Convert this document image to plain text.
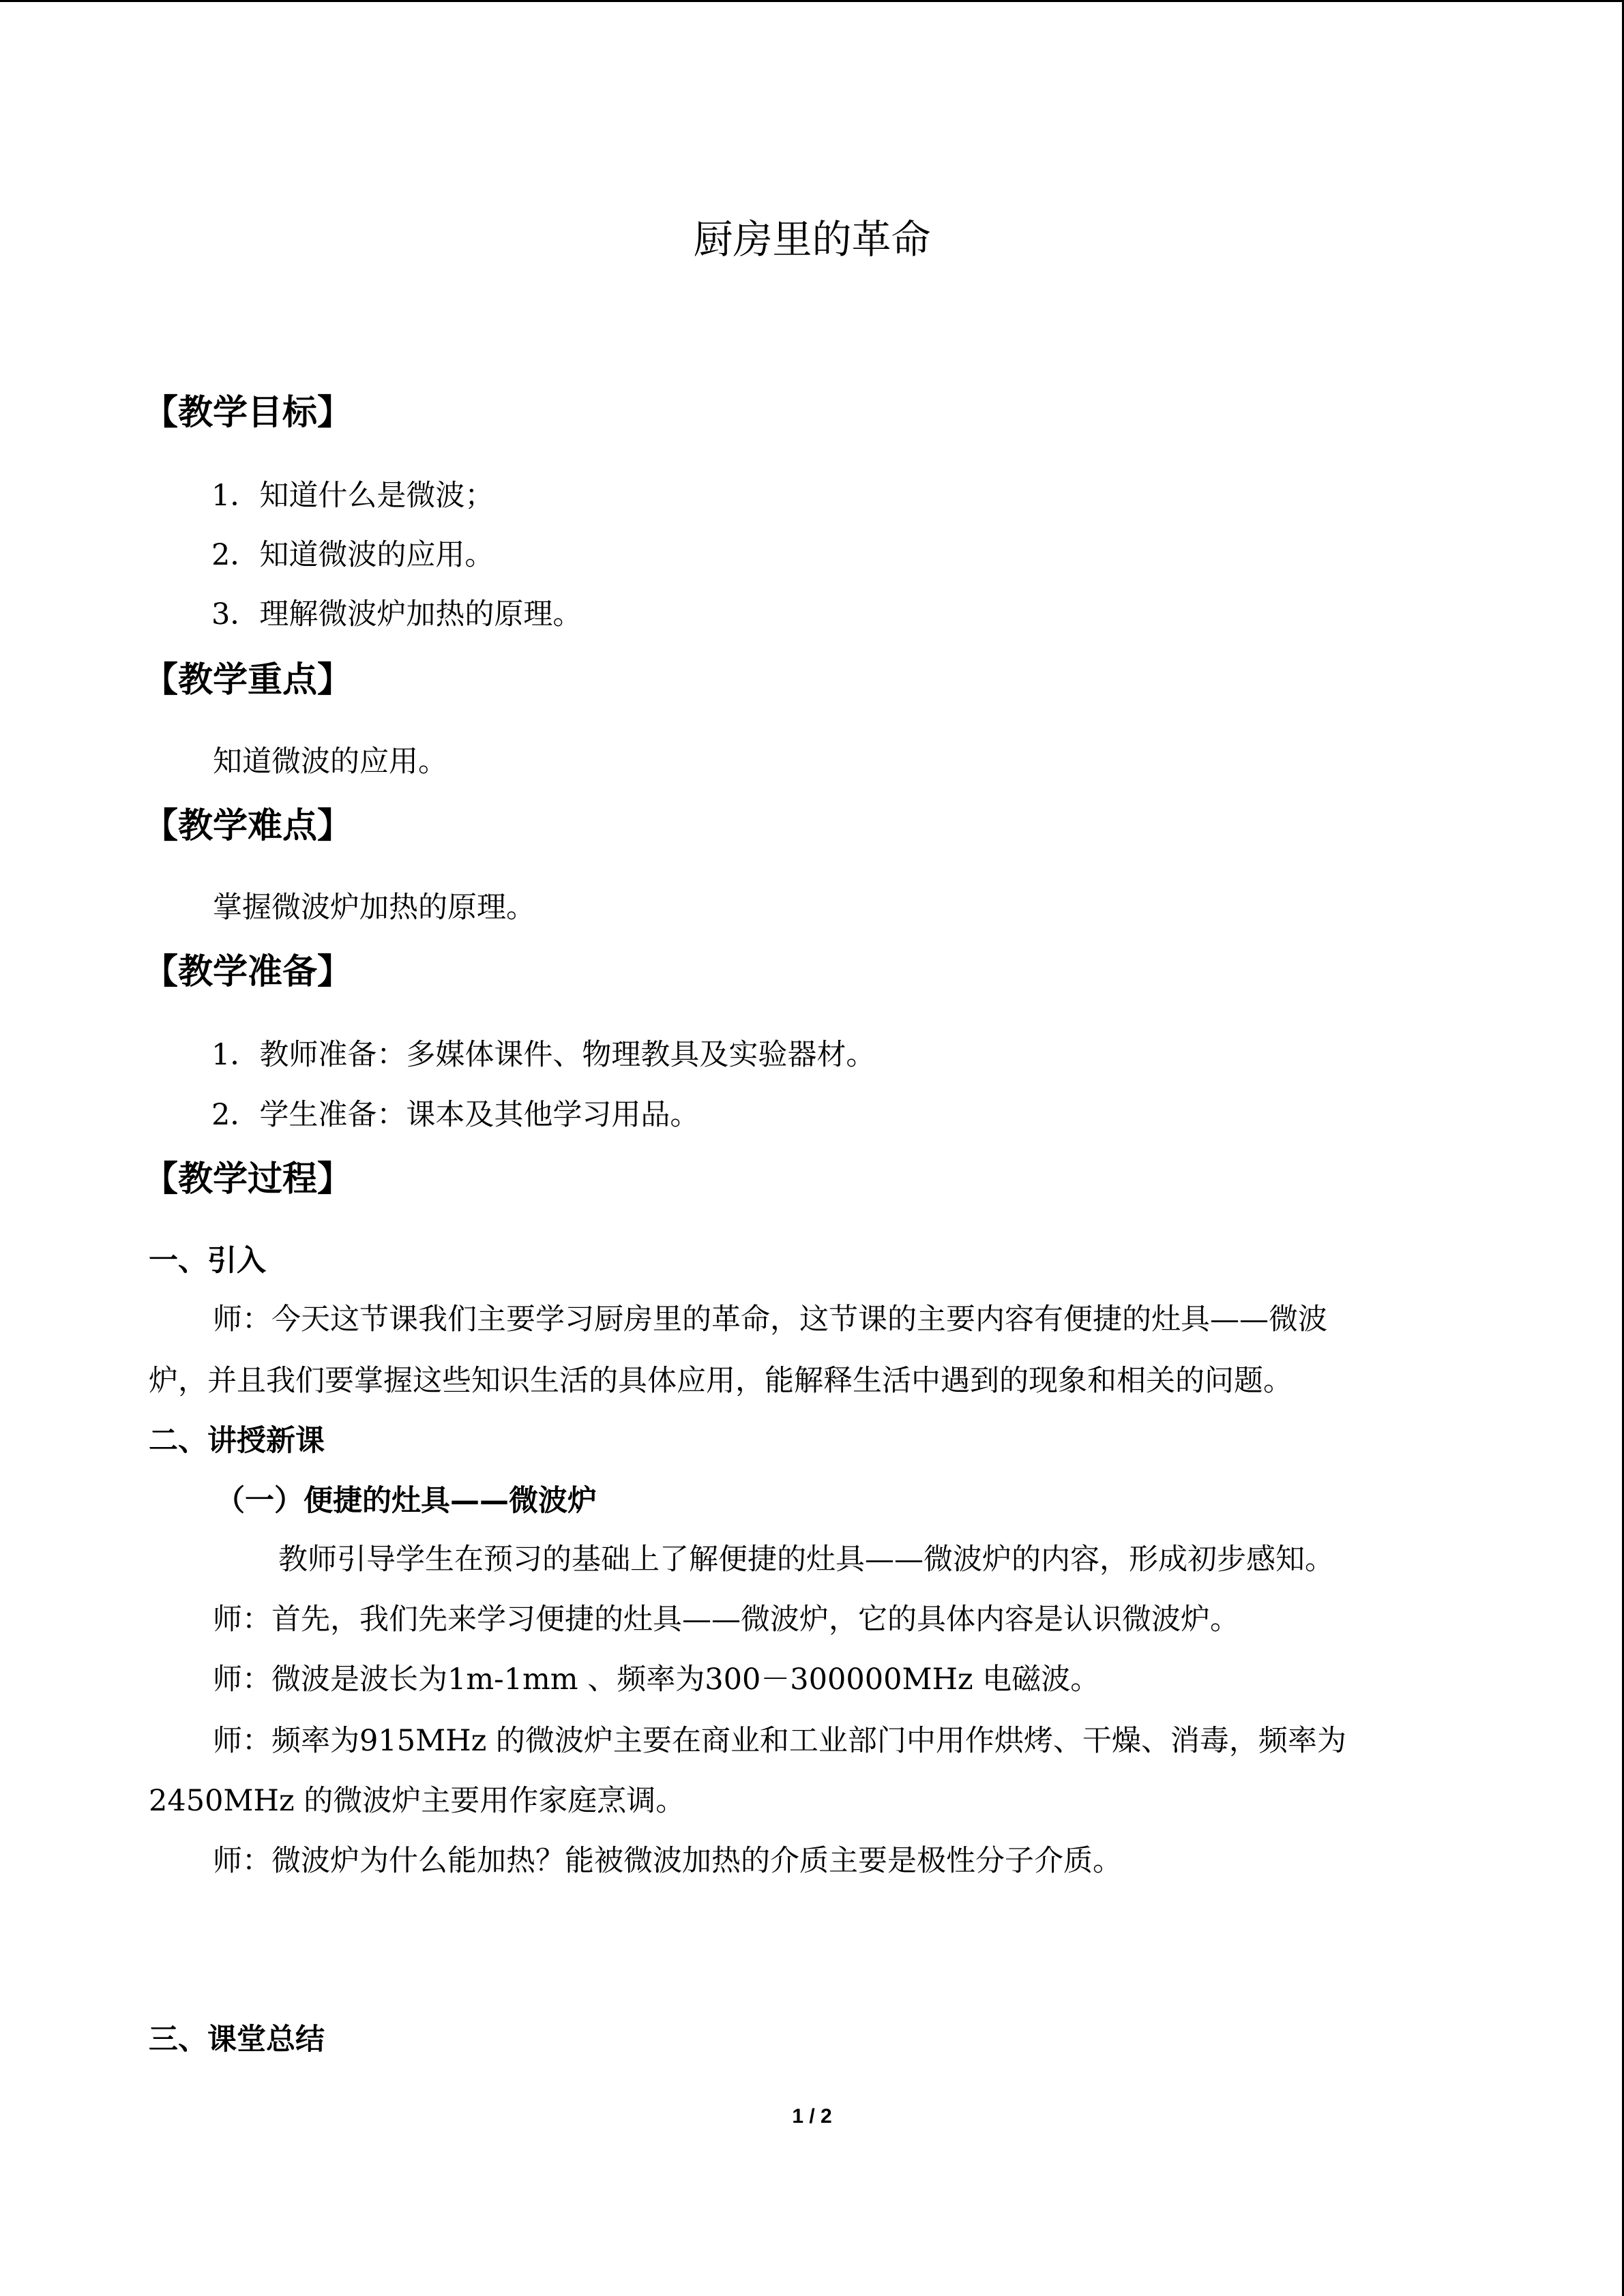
厨房里的革命
【教学目标】
1．知道什么是微波；
2．知道微波的应用。
3．理解微波炉加热的原理。
【教学重点】
知道微波的应用。
【教学难点】
掌握微波炉加热的原理。
【教学准备】
1．教师准备：多媒体课件、物理教具及实验器材。
2．学生准备：课本及其他学习用品。
【教学过程】
一、引入
师：今天这节课我们主要学习厨房里的革命，这节课的主要内容有便捷的灶具——微波
炉，并且我们要掌握这些知识生活的具体应用，能解释生活中遇到的现象和相关的问题。
二、讲授新课
（一）便捷的灶具——微波炉
教师引导学生在预习的基础上了解便捷的灶具——微波炉的内容，形成初步感知。
师：首先，我们先来学习便捷的灶具——微波炉，它的具体内容是认识微波炉。
师：微波是波长为1m-1mm 、频率为300－300000MHz 电磁波。
师：频率为915MHz 的微波炉主要在商业和工业部门中用作烘烤、干燥、消毒，频率为
2450MHz 的微波炉主要用作家庭烹调。
师：微波炉为什么能加热？能被微波加热的介质主要是极性分子介质。
三、课堂总结
1 / 2
